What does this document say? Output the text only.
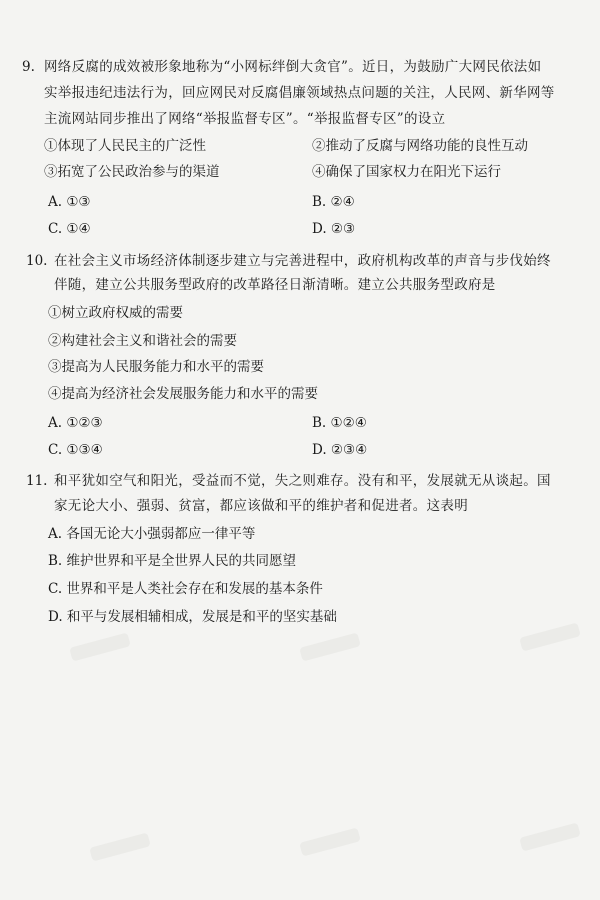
9. 网络反腐的成效被形象地称为“小网标绊倒大贪官”。近日，为鼓励广大网民依法如
实举报违纪违法行为，回应网民对反腐倡廉领域热点问题的关注，人民网、新华网等
主流网站同步推出了网络“举报监督专区”。“举报监督专区”的设立
①体现了人民民主的广泛性	②推动了反腐与网络功能的良性互动
③拓宽了公民政治参与的渠道	④确保了国家权力在阳光下运行
A. ①③	B. ②④
C. ①④	D. ②③
10. 在社会主义市场经济体制逐步建立与完善进程中，政府机构改革的声音与步伐始终
伴随，建立公共服务型政府的改革路径日渐清晰。建立公共服务型政府是
①树立政府权威的需要
②构建社会主义和谐社会的需要
③提高为人民服务能力和水平的需要
④提高为经济社会发展服务能力和水平的需要
A. ①②③	B. ①②④
C. ①③④	D. ②③④
11. 和平犹如空气和阳光，受益而不觉，失之则难存。没有和平，发展就无从谈起。国
家无论大小、强弱、贫富，都应该做和平的维护者和促进者。这表明
A. 各国无论大小强弱都应一律平等
B. 维护世界和平是全世界人民的共同愿望
C. 世界和平是人类社会存在和发展的基本条件
D. 和平与发展相辅相成，发展是和平的坚实基础
